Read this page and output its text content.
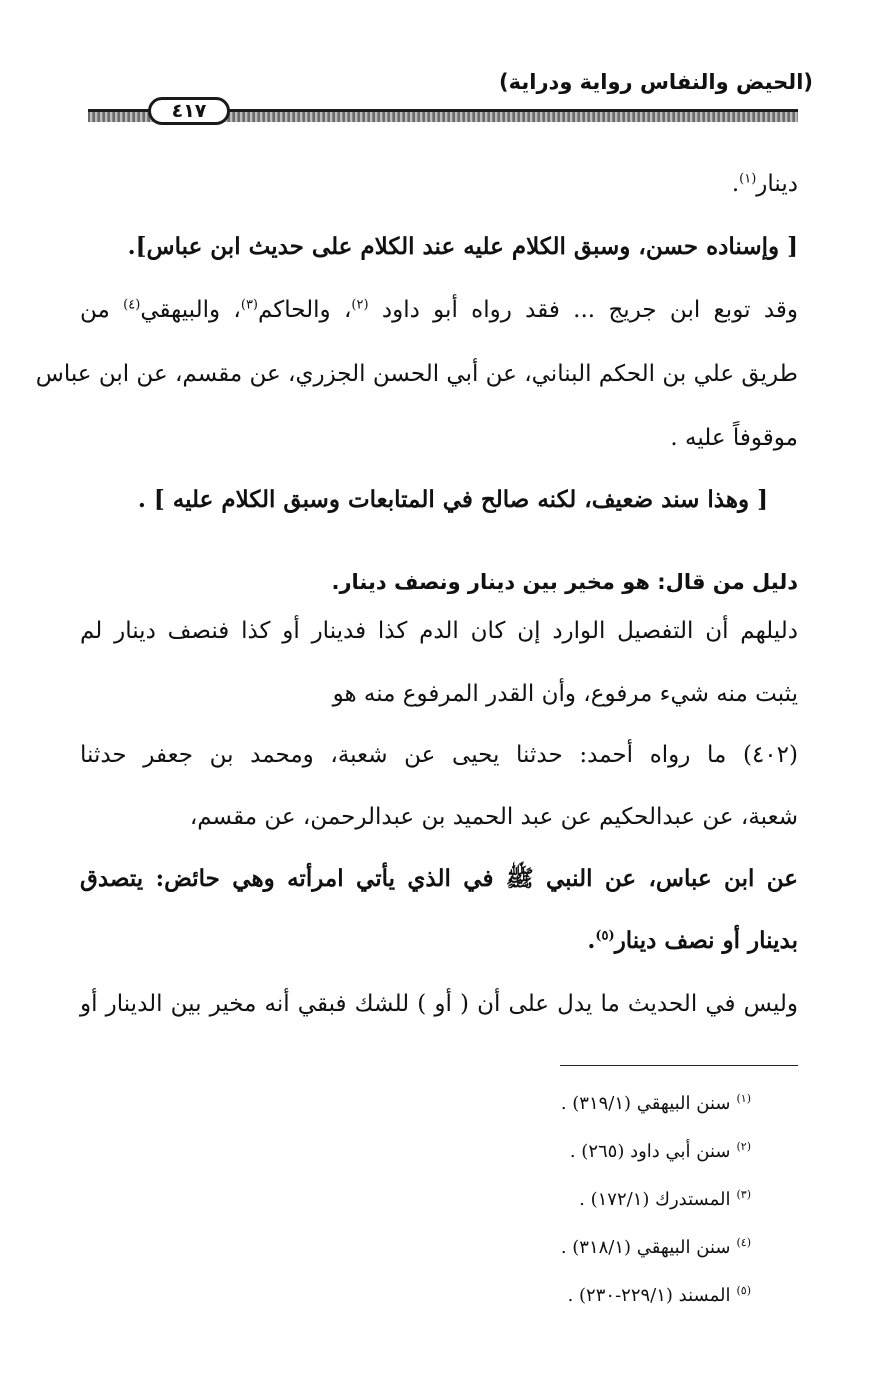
(الحيض والنفاس رواية ودراية)
٤١٧
دينار$^{(١)}$.
[ وإسناده حسن، وسبق الكلام عليه عند الكلام على حديث ابن عباس].
وقد توبع ابن جريج ... فقد رواه أبو داود $^{(٢)}$، والحاكم$^{(٣)}$، والبيهقي$^{(٤)}$ من
طريق علي بن الحكم البناني، عن أبي الحسن الجزري، عن مقسم، عن ابن عباس
موقوفاً عليه .
[ وهذا سند ضعيف، لكنه صالح في المتابعات وسبق الكلام عليه ] .
دليل من قال: هو مخير بين دينار ونصف دينار.
دليلهم أن التفصيل الوارد إن كان الدم كذا فدينار أو كذا فنصف دينار لم
يثبت منه شيء مرفوع، وأن القدر المرفوع منه هو
(٤٠٢) ما رواه أحمد: حدثنا يحيى عن شعبة، ومحمد بن جعفر حدثنا
شعبة، عن عبدالحكيم عن عبد الحميد بن عبدالرحمن، عن مقسم،
عن ابن عباس، عن النبي ﷺ في الذي يأتي امرأته وهي حائض: يتصدق
بدينار أو نصف دينار$^{(٥)}$.
وليس في الحديث ما يدل على أن ( أو ) للشك فبقي أنه مخير بين الدينار أو
$^{(١)}$سنن البيهقي (٣١٩/١) .
$^{(٢)}$سنن أبي داود (٢٦٥) .
$^{(٣)}$المستدرك (١٧٢/١) .
$^{(٤)}$سنن البيهقي (٣١٨/١) .
$^{(٥)}$المسند (٢٢٩/١-٢٣٠) .
